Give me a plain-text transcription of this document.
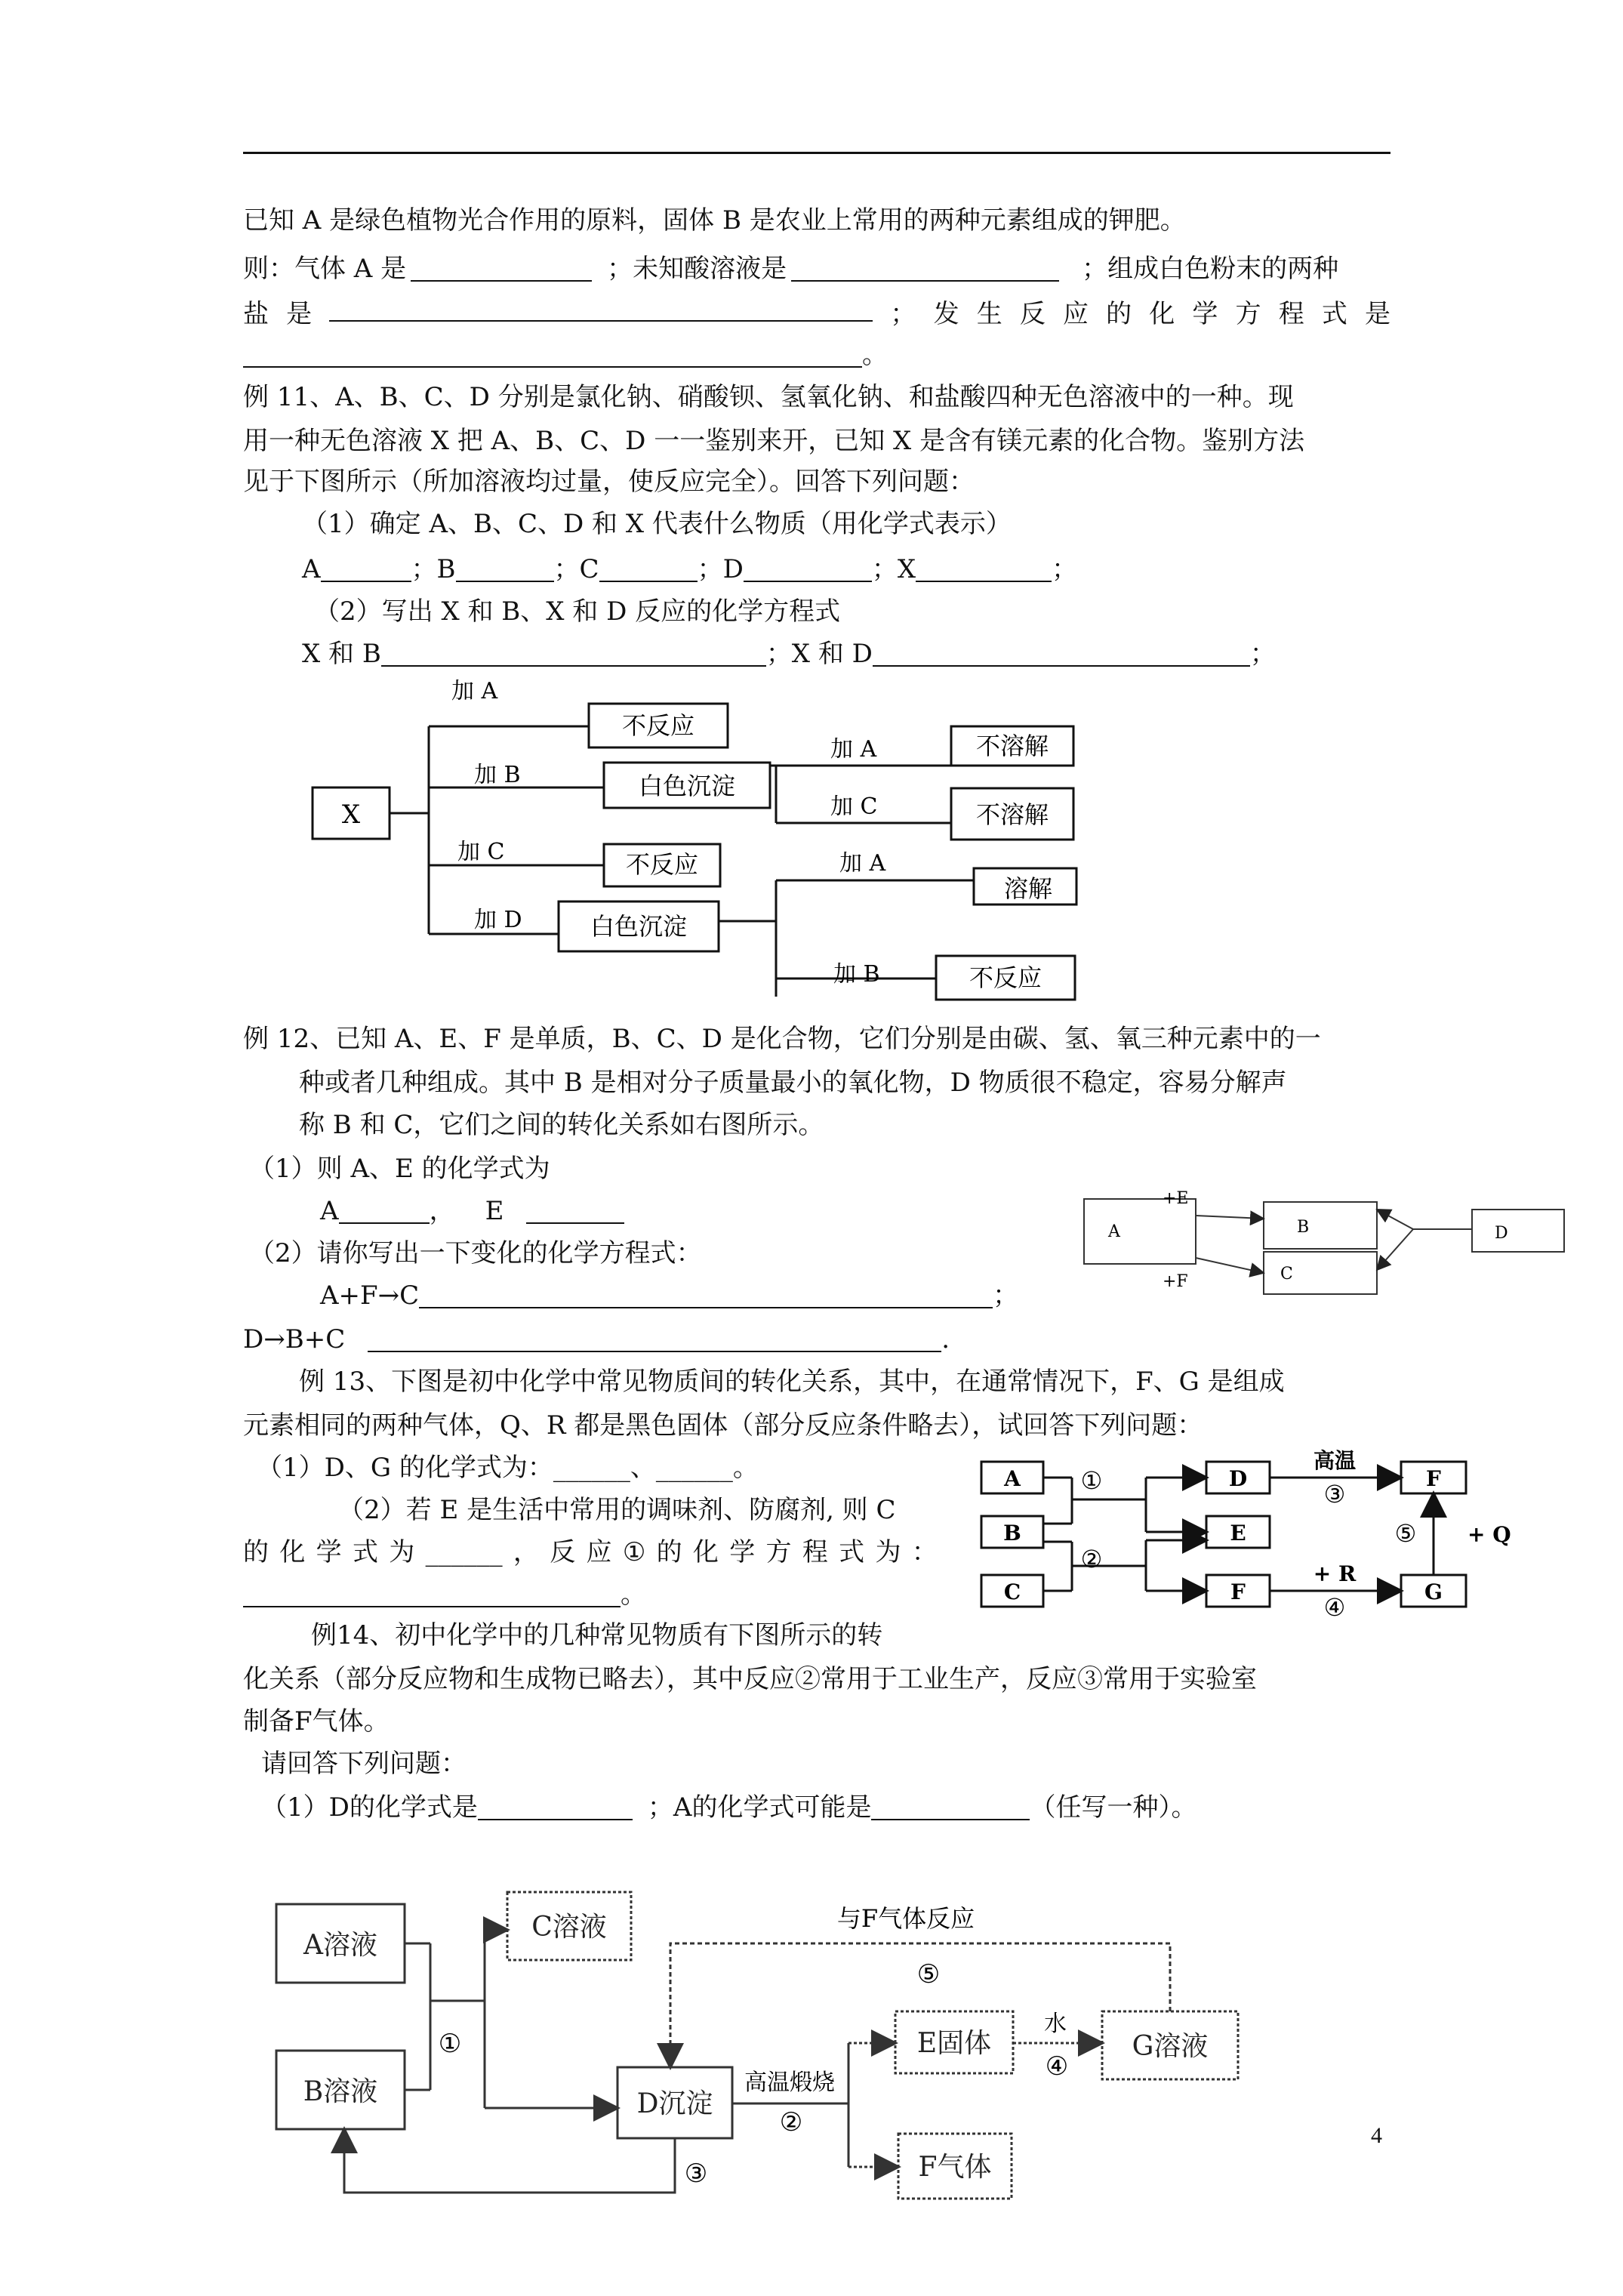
已知 A 是绿色植物光合作用的原料，固体 B 是农业上常用的两种元素组成的钾肥。
则：气体 A 是	；未知酸溶液是	；组成白色粉末的两种
盐 是	； 发 生 反 应 的 化 学 方 程 式 是
。
例 11、A、B、C、D 分别是氯化钠、硝酸钡、氢氧化钠、和盐酸四种无色溶液中的一种。现
用一种无色溶液 X 把 A、B、C、D 一一鉴别来开，已知 X 是含有镁元素的化合物。鉴别方法
见于下图所示（所加溶液均过量，使反应完全）。回答下列问题：
（1）确定 A、B、C、D 和 X 代表什么物质（用化学式表示）
A	；B	；C	；D	；X	；
（2）写出 X 和 B、X 和 D 反应的化学方程式
X 和 B	；X 和 D	；
X
加 A
加 B
加 C
加 D
不反应
白色沉淀
不反应
白色沉淀
加 A
加 C
不溶解
不溶解
加 A
加 B
溶解
不反应
例 12、已知 A、E、F 是单质，B、C、D 是化合物，它们分别是由碳、氢、氧三种元素中的一
种或者几种组成。其中 B 是相对分子质量最小的氧化物，D 物质很不稳定，容易分解声
称 B 和 C，它们之间的转化关系如右图所示。
（1）则 A、E 的化学式为
A	， E
（2）请你写出一下变化的化学方程式：
A+F→C	；
D→B+C	.
A	B
C
D
+E
+F
例 13、下图是初中化学中常见物质间的转化关系，其中，在通常情况下，F、G 是组成
元素相同的两种气体，Q、R 都是黑色固体（部分反应条件略去），试回答下列问题：
（1）D、G 的化学式为：______、______。
（2）若 E 是生活中常用的调味剂、防腐剂, 则 C
的 化 学 式 为 ______ ， 反 应 ① 的 化 学 方 程 式 为 ：
。
A
B
C
D
E
F
F
G
①
②
高温
③
+ R
④
⑤ + Q
例14、初中化学中的几种常见物质有下图所示的转
化关系（部分反应物和生成物已略去），其中反应②常用于工业生产，反应③常用于实验室
制备F气体。
请回答下列问题：
（1）D的化学式是	；A的化学式可能是	（任写一种）。
A溶液
B溶液
C溶液
D沉淀
E固体	G溶液
F气体
①
高温煅烧
②
水
④
与F气体反应
⑤
③
4
